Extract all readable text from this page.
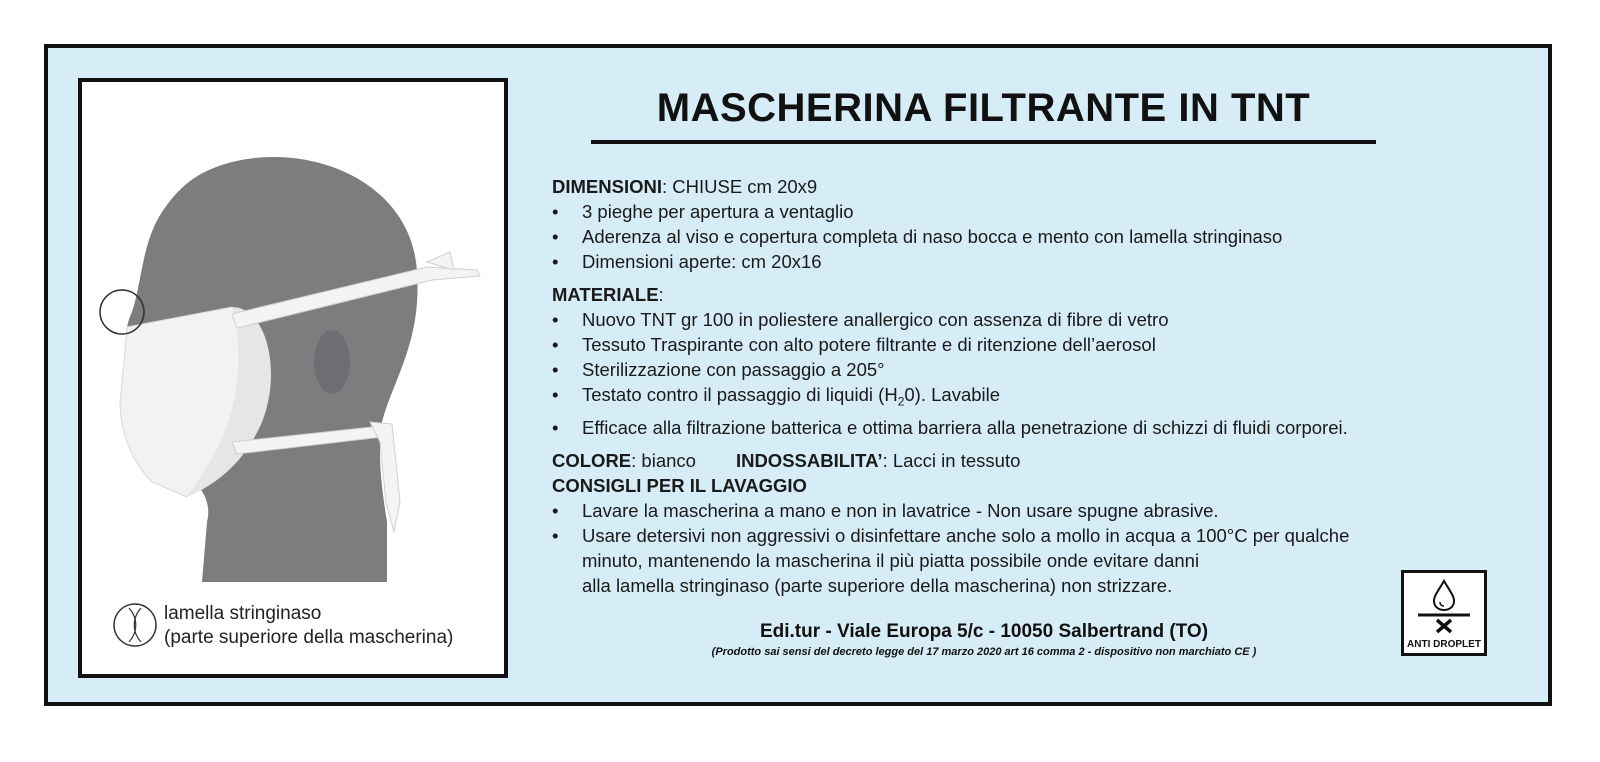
lamella stringinaso
(parte superiore della mascherina)
MASCHERINA FILTRANTE IN TNT
DIMENSIONI: CHIUSE cm 20x9
• 3 pieghe per apertura a ventaglio
• Aderenza al viso e copertura completa di naso bocca e mento con lamella stringinaso
• Dimensioni aperte: cm 20x16
MATERIALE:
• Nuovo TNT gr 100 in poliestere anallergico con assenza di fibre di vetro
• Tessuto Traspirante con alto potere filtrante e di ritenzione dell’aerosol
• Sterilizzazione con passaggio a 205°
• Testato contro il passaggio di liquidi $(H_20)$. Lavabile
• Efficace alla filtrazione batterica e ottima barriera alla penetrazione di schizzi di fluidi corporei.
COLORE: bianco INDOSSABILITA’: Lacci in tessuto
CONSIGLI PER IL LAVAGGIO
• Lavare la mascherina a mano e non in lavatrice - Non usare spugne abrasive.
• Usare detersivi non aggressivi o disinfettare anche solo a mollo in acqua a 100°C per qualche
minuto, mantenendo la mascherina il più piatta possibile onde evitare danni
alla lamella stringinaso (parte superiore della mascherina) non strizzare.
Edi.tur - Viale Europa 5/c - 10050 Salbertrand (TO)
(Prodotto sai sensi del decreto legge del 17 marzo 2020 art 16 comma 2 - dispositivo non marchiato CE )
ANTI DROPLET
